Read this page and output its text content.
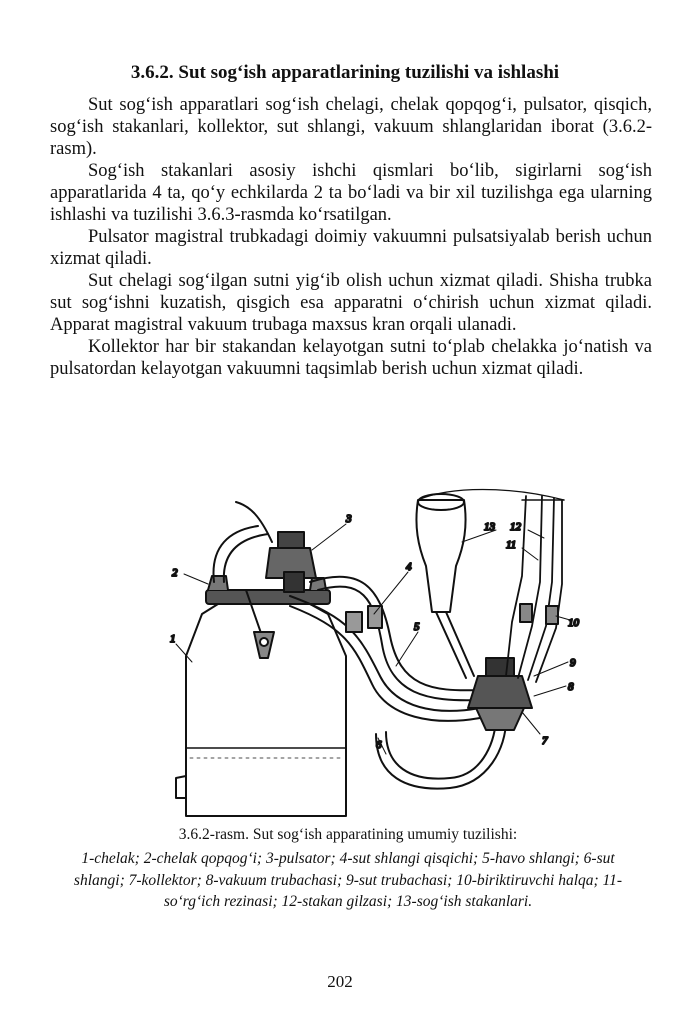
3.6.2. Sut sog‘ish apparatlarining tuzilishi va ishlashi

Sut sog‘ish apparatlari sog‘ish chelagi, chelak qopqog‘i, pulsator, qisqich, sog‘ish stakanlari, kollektor, sut shlangi, vakuum shlanglaridan iborat (3.6.2-rasm).

Sog‘ish stakanlari asosiy ishchi qismlari bo‘lib, sigirlarni sog‘ish apparatlarida 4 ta, qo‘y echkilarda 2 ta bo‘ladi va bir xil tuzilishga ega ularning ishlashi va tuzilishi 3.6.3-rasmda ko‘rsatilgan.

Pulsator magistral trubkadagi doimiy vakuumni pulsatsiyalab berish uchun xizmat qiladi.

Sut chelagi sog‘ilgan sutni yig‘ib olish uchun xizmat qiladi. Shisha trubka sut sog‘ishni kuzatish, qisgich esa apparatni o‘chirish uchun xizmat qiladi. Apparat magistral vakuum trubaga maxsus kran orqali ulanadi.

Kollektor har bir stakandan kelayotgan sutni to‘plab chelakka jo‘natish va pulsatordan kelayotgan vakuumni taqsimlab berish uchun xizmat qiladi.

1
2
3
4
5
6	7
8
9
10
11
12
13
3.6.2-rasm. Sut sog‘ish apparatining umumiy tuzilishi:
1-chelak; 2-chelak qopqog‘i; 3-pulsator; 4-sut shlangi qisqichi; 5-havo shlangi; 6-sut shlangi; 7-kollektor; 8-vakuum trubachasi; 9-sut trubachasi; 10-biriktiruvchi halqa; 11-so‘rg‘ich rezinasi; 12-stakan gilzasi; 13-sog‘ish stakanlari.
202
